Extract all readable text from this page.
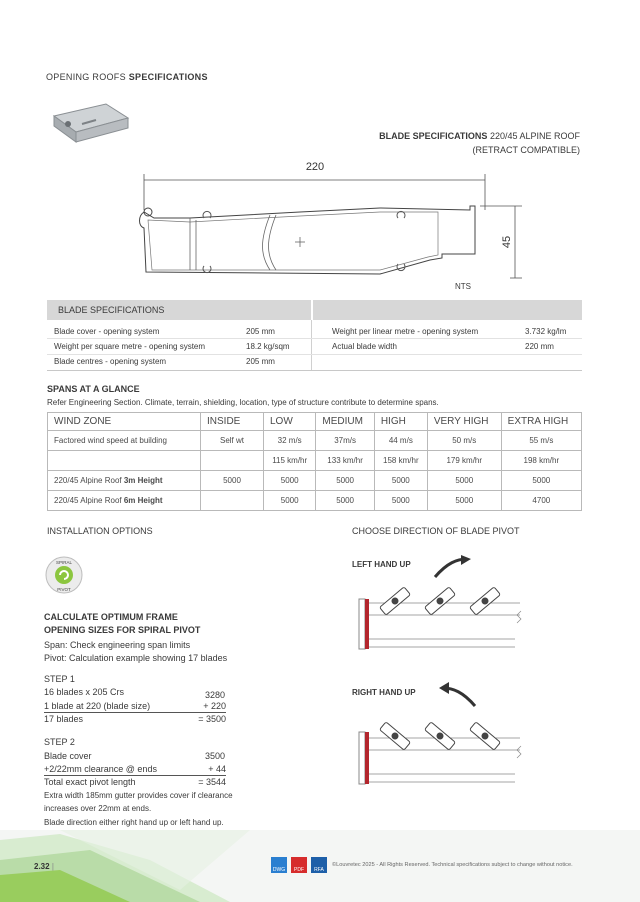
OPENING ROOFS SPECIFICATIONS
BLADE SPECIFICATIONS 220/45 ALPINE ROOF
(RETRACT COMPATIBLE)
220
45
NTS
BLADE SPECIFICATIONS
Blade cover - opening system	205 mm
Weight per square metre - opening system	18.2 kg/sqm
Blade centres - opening system	205 mm
Weight per linear metre - opening system	3.732 kg/lm
Actual blade width	220 mm
SPANS AT A GLANCE
Refer Engineering Section. Climate, terrain, shielding, location, type of structure contribute to determine spans.
WIND ZONE	INSIDE	LOW	MEDIUM	HIGH	VERY HIGH	EXTRA HIGH
Factored wind speed at building	Self wt	32 m/s	37m/s	44 m/s	50 m/s	55 m/s
		115 km/hr	133 km/hr	158 km/hr	179 km/hr	198 km/hr
220/45 Alpine Roof 3m Height	5000	5000	5000	5000	5000	5000
220/45 Alpine Roof 6m Height		5000	5000	5000	5000	4700
INSTALLATION OPTIONS
SPIRAL
PIVOT
CALCULATE OPTIMUM FRAME
OPENING SIZES FOR SPIRAL PIVOT
Span: Check engineering span limits
Pivot: Calculation example showing 17 blades
STEP 1
16 blades x 205 Crs	3280
1 blade at 220 (blade size)	+ 220
17 blades	= 3500
STEP 2
Blade cover	3500
+2/22mm clearance @ ends	+ 44
Total exact pivot length	= 3544
Extra width 185mm gutter provides cover if clearance
increases over 22mm at ends.
Blade direction either right hand up or left hand up.
CHOOSE DIRECTION OF BLADE PIVOT
LEFT HAND UP
RIGHT HAND UP
2.32 |	DWG	PDF	RFA
©Louvretec 2025 - All Rights Reserved. Technical specifications subject to change without notice.
